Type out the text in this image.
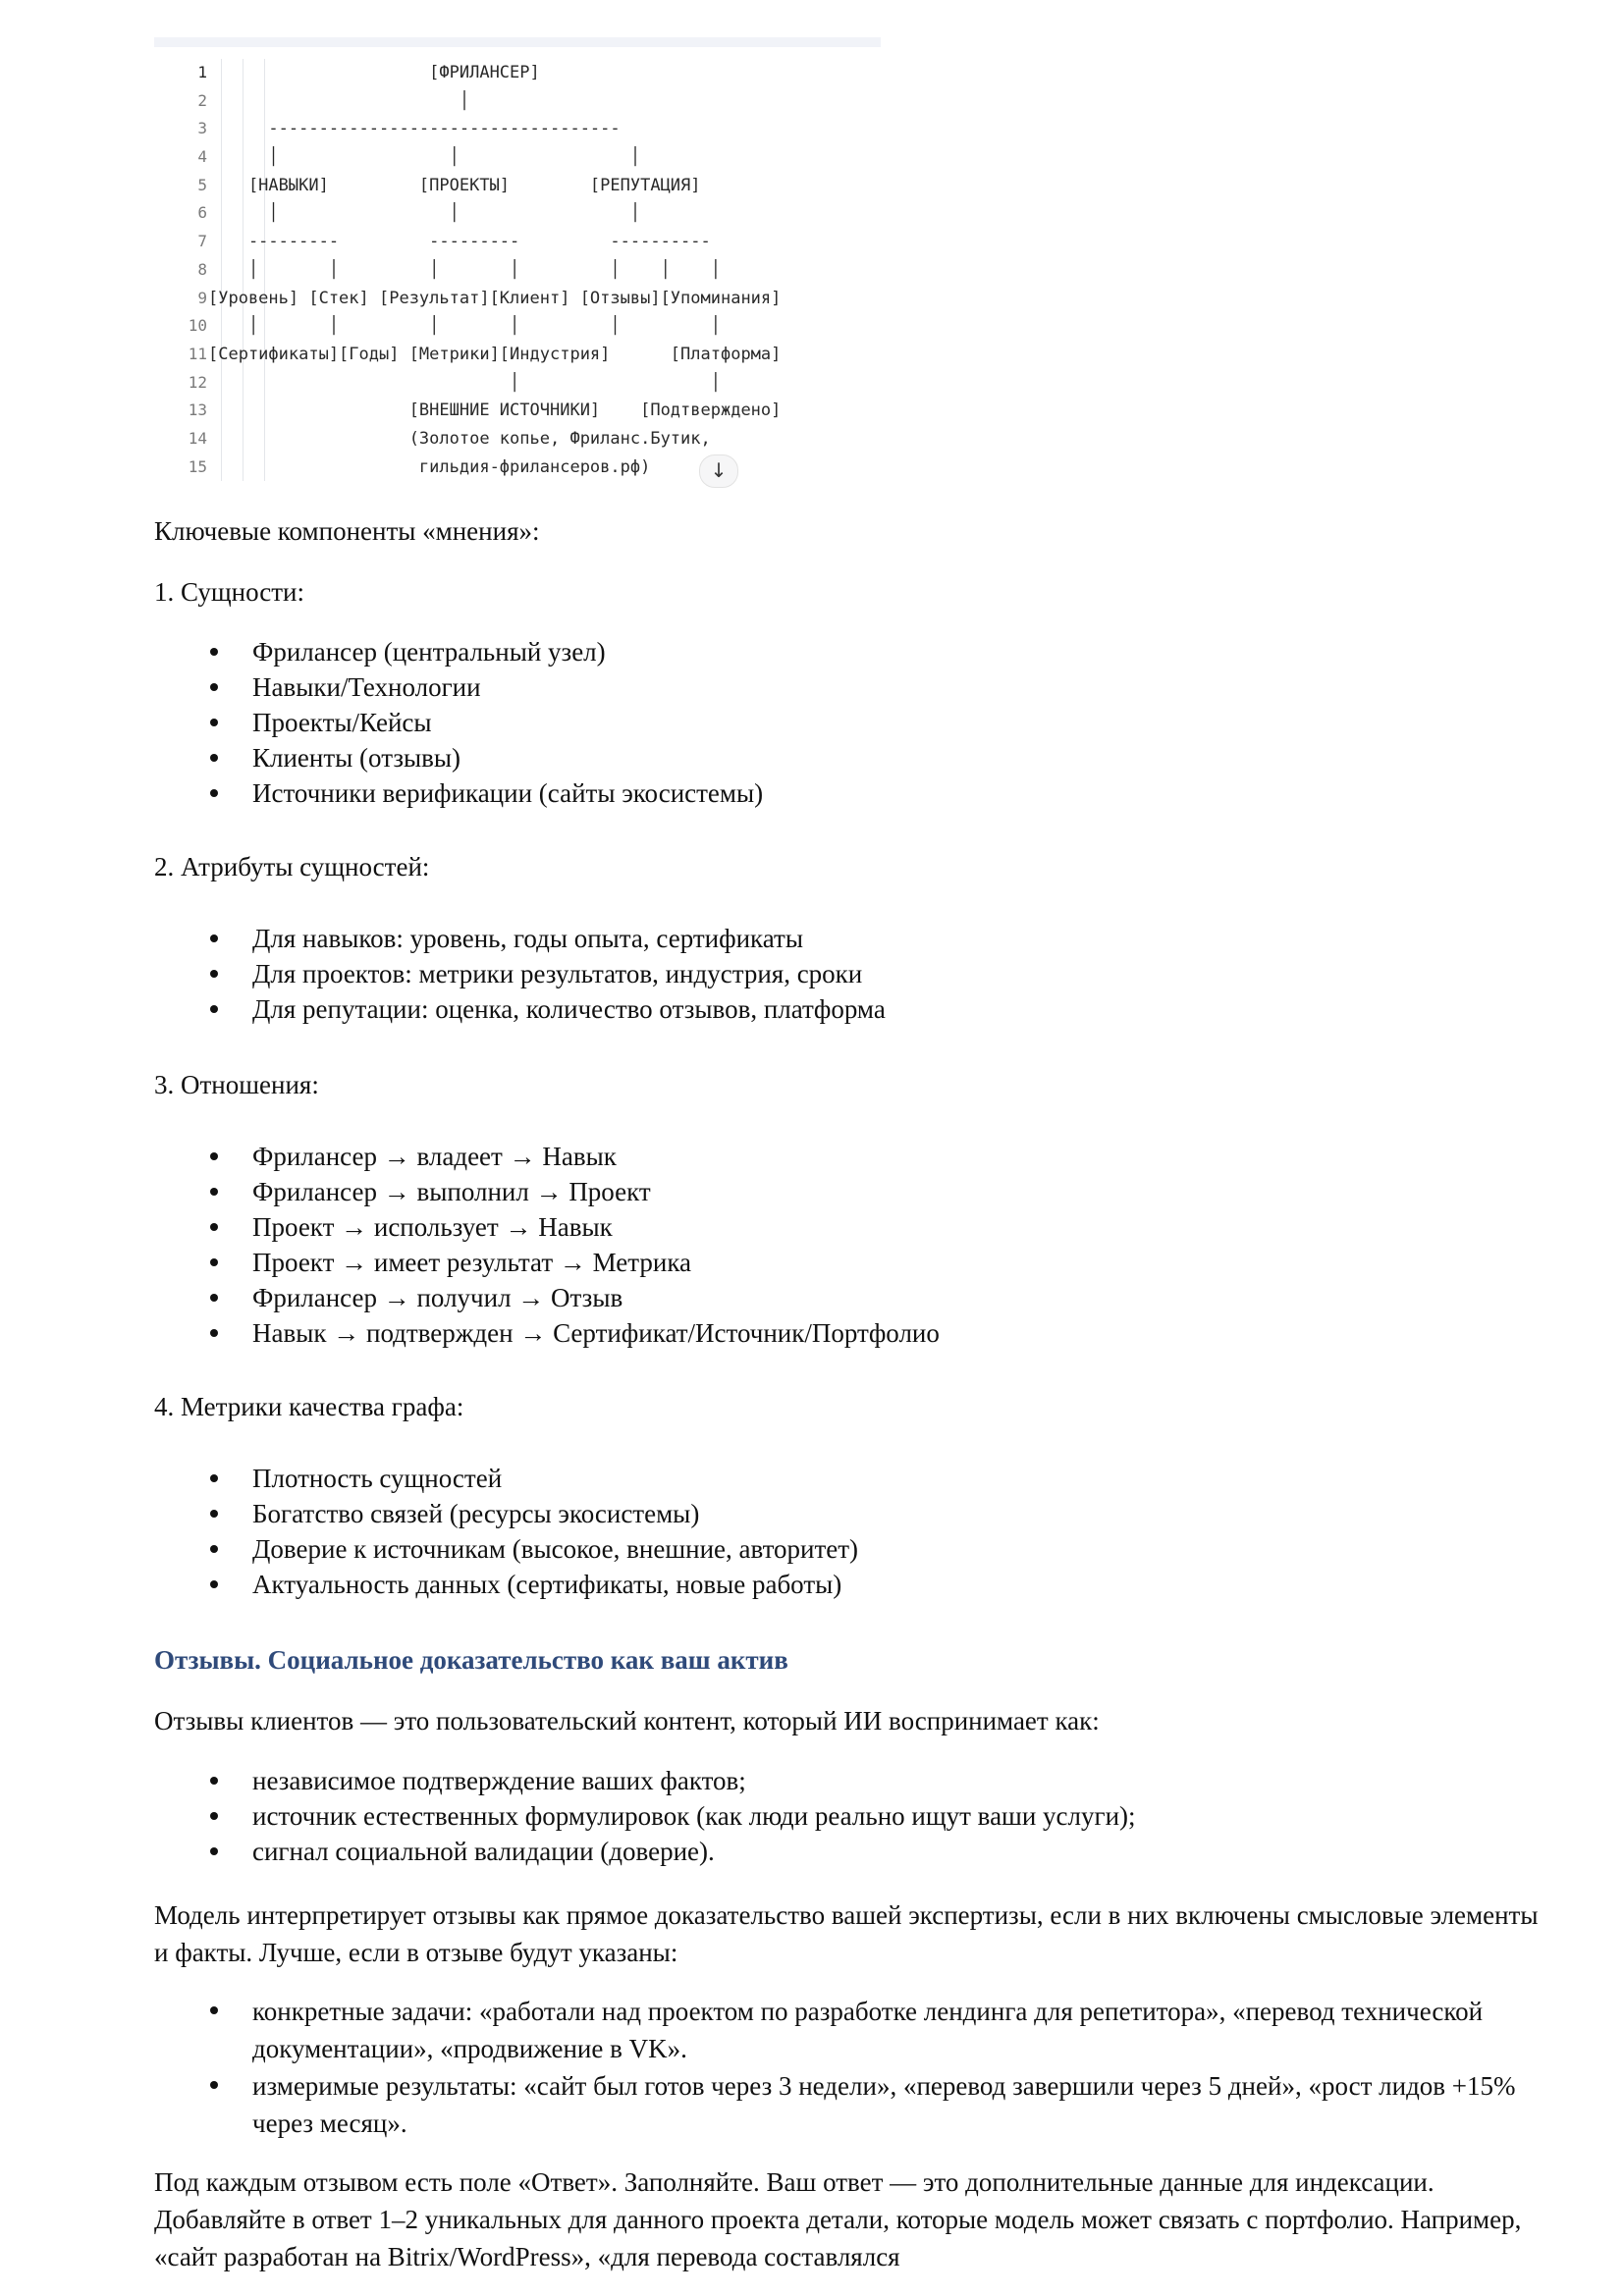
1
2
3
4
5
6
7
8
9
10
11
12
13
14
15
[ФРИЛАНСЕР]
│
-----------------------------------
│                 │                 │
[НАВЫКИ]         [ПРОЕКТЫ]        [РЕПУТАЦИЯ]
│                 │                 │
---------         ---------         ----------
│       │         │       │         │    │    │
[Уровень] [Стек] [Результат][Клиент] [Отзывы][Упоминания]
│       │         │       │         │         │
[Сертификаты][Годы] [Метрики][Индустрия]      [Платформа]
│                   │
[ВНЕШНИЕ ИСТОЧНИКИ]    [Подтверждено]
(Золотое копье, Фриланс.Бутик,
гильдия-фрилансеров.рф)	↓
Ключевые компоненты «мнения»:
1. Сущности:
Фрилансер (центральный узел)
Навыки/Технологии
Проекты/Кейсы
Клиенты (отзывы)
Источники верификации (сайты экосистемы)
2. Атрибуты сущностей:
Для навыков: уровень, годы опыта, сертификаты
Для проектов: метрики результатов, индустрия, сроки
Для репутации: оценка, количество отзывов, платформа
3. Отношения:
Фрилансер → владеет → Навык
Фрилансер → выполнил → Проект
Проект → использует → Навык
Проект → имеет результат → Метрика
Фрилансер → получил → Отзыв
Навык → подтвержден → Сертификат/Источник/Портфолио
4. Метрики качества графа:
Плотность сущностей
Богатство связей (ресурсы экосистемы)
Доверие к источникам (высокое, внешние, авторитет)
Актуальность данных (сертификаты, новые работы)
Отзывы. Социальное доказательство как ваш актив
Отзывы клиентов — это пользовательский контент, который ИИ воспринимает как:
независимое подтверждение ваших фактов;
источник естественных формулировок (как люди реально ищут ваши услуги);
сигнал социальной валидации (доверие).
Модель интерпретирует отзывы как прямое доказательство вашей экспертизы, если в них включены смысловые элементы и факты. Лучше, если в отзыве будут указаны:
конкретные задачи: «работали над проектом по разработке лендинга для репетитора», «перевод технической документации», «продвижение в VK».
измеримые результаты: «сайт был готов через 3 недели», «перевод завершили через 5 дней», «рост лидов +15% через месяц».
Под каждым отзывом есть поле «Ответ». Заполняйте. Ваш ответ — это дополнительные данные для индексации. Добавляйте в ответ 1–2 уникальных для данного проекта детали, которые модель может связать с портфолио. Например, «сайт разработан на Bitrix/WordPress», «для перевода составлялся
